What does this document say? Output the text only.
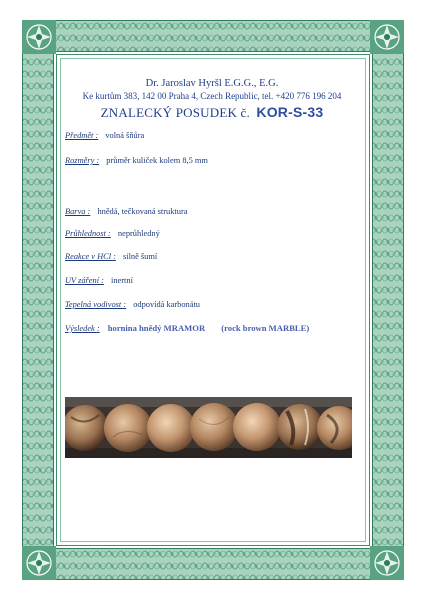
Dr. Jaroslav Hyršl E.G.G., E.G.
Ke kurtům 383, 142 00 Praha 4, Czech Republic, tel. +420 776 196 204
ZNALECKÝ POSUDEK č. KOR-S-33
Předmět : volná šňůra
Rozměry : průměr kuliček kolem 8,5 mm
Barva : hnědá, tečkovaná struktura
Průhlednost : neprůhledný
Reakce v HCl : silně šumí
UV záření : inertní
Tepelná vodivost : odpovídá karbonátu
Výsledek : hornina hnědý MRAMOR (rock brown MARBLE)
